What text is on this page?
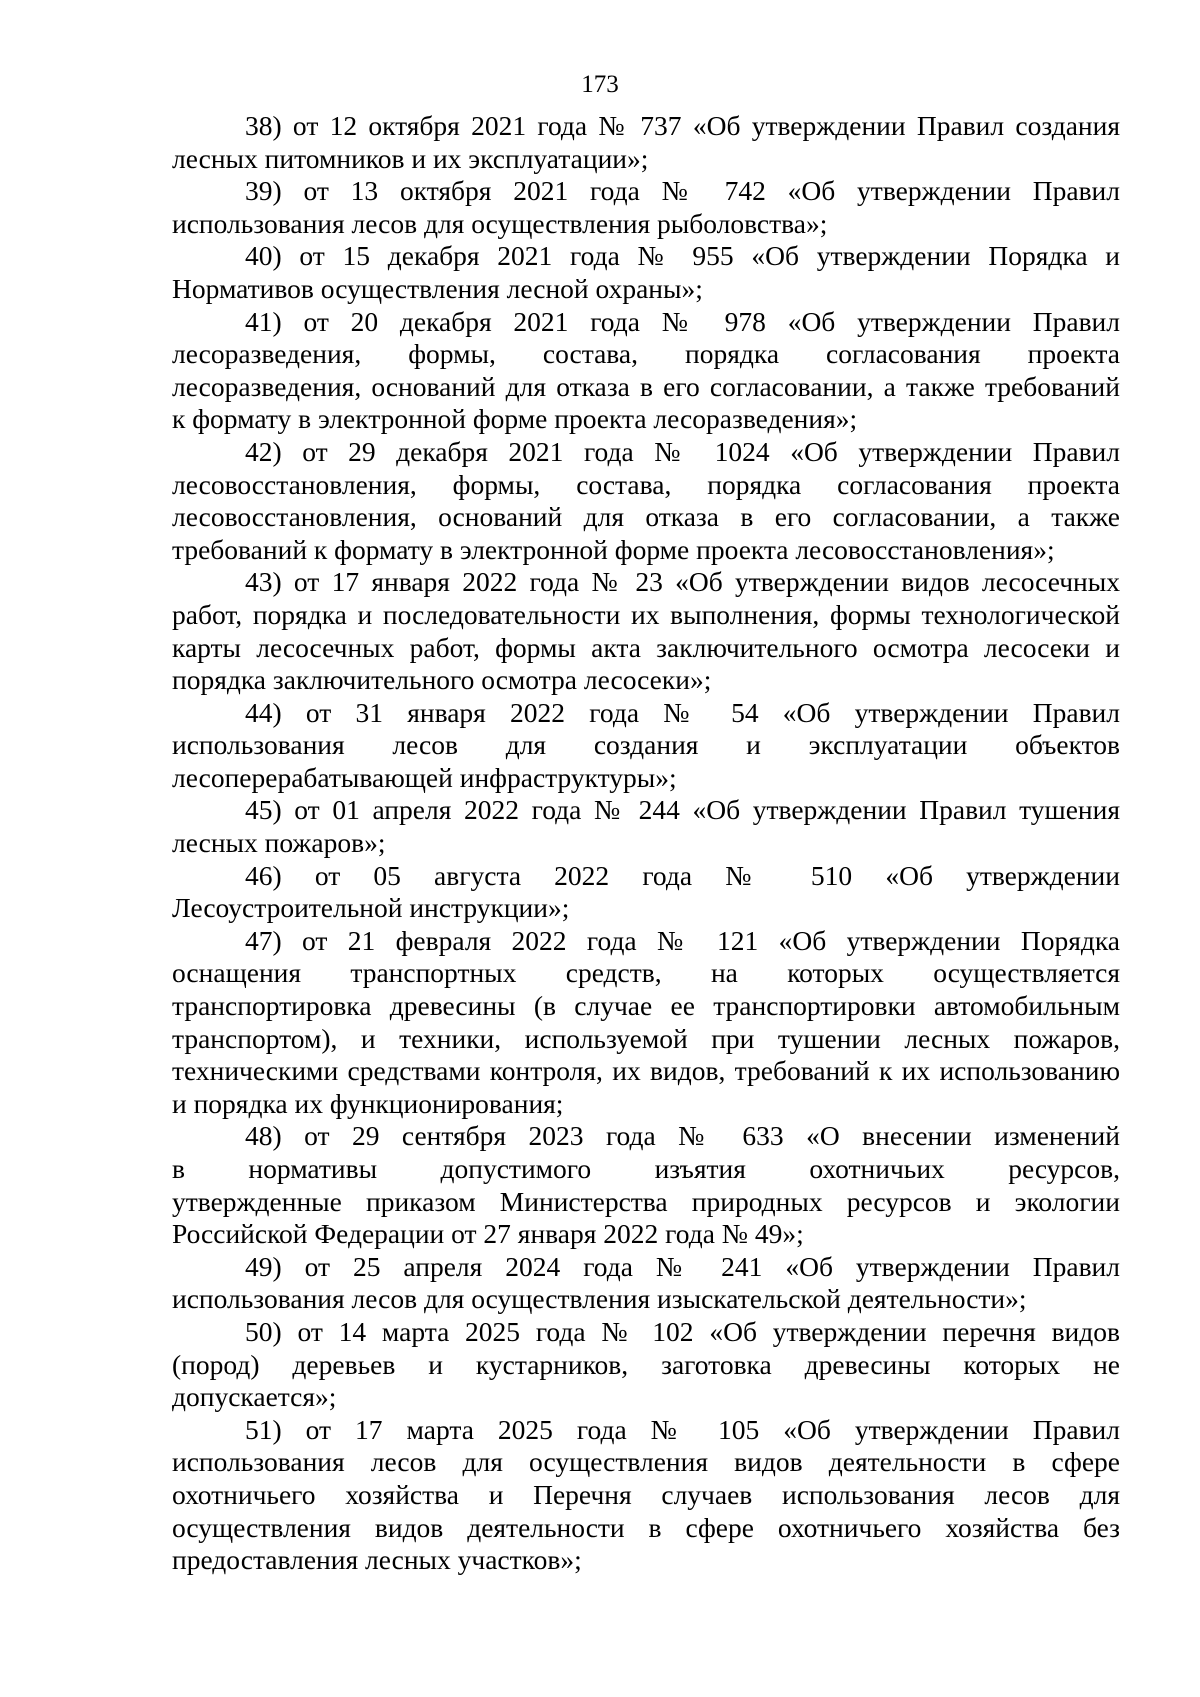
173
38) от 12 октября 2021 года № 737 «Об утверждении Правил создания
лесных питомников и их эксплуатации»;
39) от 13 октября 2021 года № 742 «Об утверждении Правил
использования лесов для осуществления рыболовства»;
40) от 15 декабря 2021 года № 955 «Об утверждении Порядка и
Нормативов осуществления лесной охраны»;
41) от 20 декабря 2021 года № 978 «Об утверждении Правил
лесоразведения, формы, состава, порядка согласования проекта
лесоразведения, оснований для отказа в его согласовании, а также требований
к формату в электронной форме проекта лесоразведения»;
42) от 29 декабря 2021 года № 1024 «Об утверждении Правил
лесовосстановления, формы, состава, порядка согласования проекта
лесовосстановления, оснований для отказа в его согласовании, а также
требований к формату в электронной форме проекта лесовосстановления»;
43) от 17 января 2022 года № 23 «Об утверждении видов лесосечных
работ, порядка и последовательности их выполнения, формы технологической
карты лесосечных работ, формы акта заключительного осмотра лесосеки и
порядка заключительного осмотра лесосеки»;
44) от 31 января 2022 года № 54 «Об утверждении Правил
использования лесов для создания и эксплуатации объектов
лесоперерабатывающей инфраструктуры»;
45) от 01 апреля 2022 года № 244 «Об утверждении Правил тушения
лесных пожаров»;
46) от 05 августа 2022 года № 510 «Об утверждении
Лесоустроительной инструкции»;
47) от 21 февраля 2022 года № 121 «Об утверждении Порядка
оснащения транспортных средств, на которых осуществляется
транспортировка древесины (в случае ее транспортировки автомобильным
транспортом), и техники, используемой при тушении лесных пожаров,
техническими средствами контроля, их видов, требований к их использованию
и порядка их функционирования;
48) от 29 сентября 2023 года № 633 «О внесении изменений
в нормативы допустимого изъятия охотничьих ресурсов,
утвержденные приказом Министерства природных ресурсов и экологии
Российской Федерации от 27 января 2022 года № 49»;
49) от 25 апреля 2024 года № 241 «Об утверждении Правил
использования лесов для осуществления изыскательской деятельности»;
50) от 14 марта 2025 года № 102 «Об утверждении перечня видов
(пород) деревьев и кустарников, заготовка древесины которых не
допускается»;
51) от 17 марта 2025 года № 105 «Об утверждении Правил
использования лесов для осуществления видов деятельности в сфере
охотничьего хозяйства и Перечня случаев использования лесов для
осуществления видов деятельности в сфере охотничьего хозяйства без
предоставления лесных участков»;
